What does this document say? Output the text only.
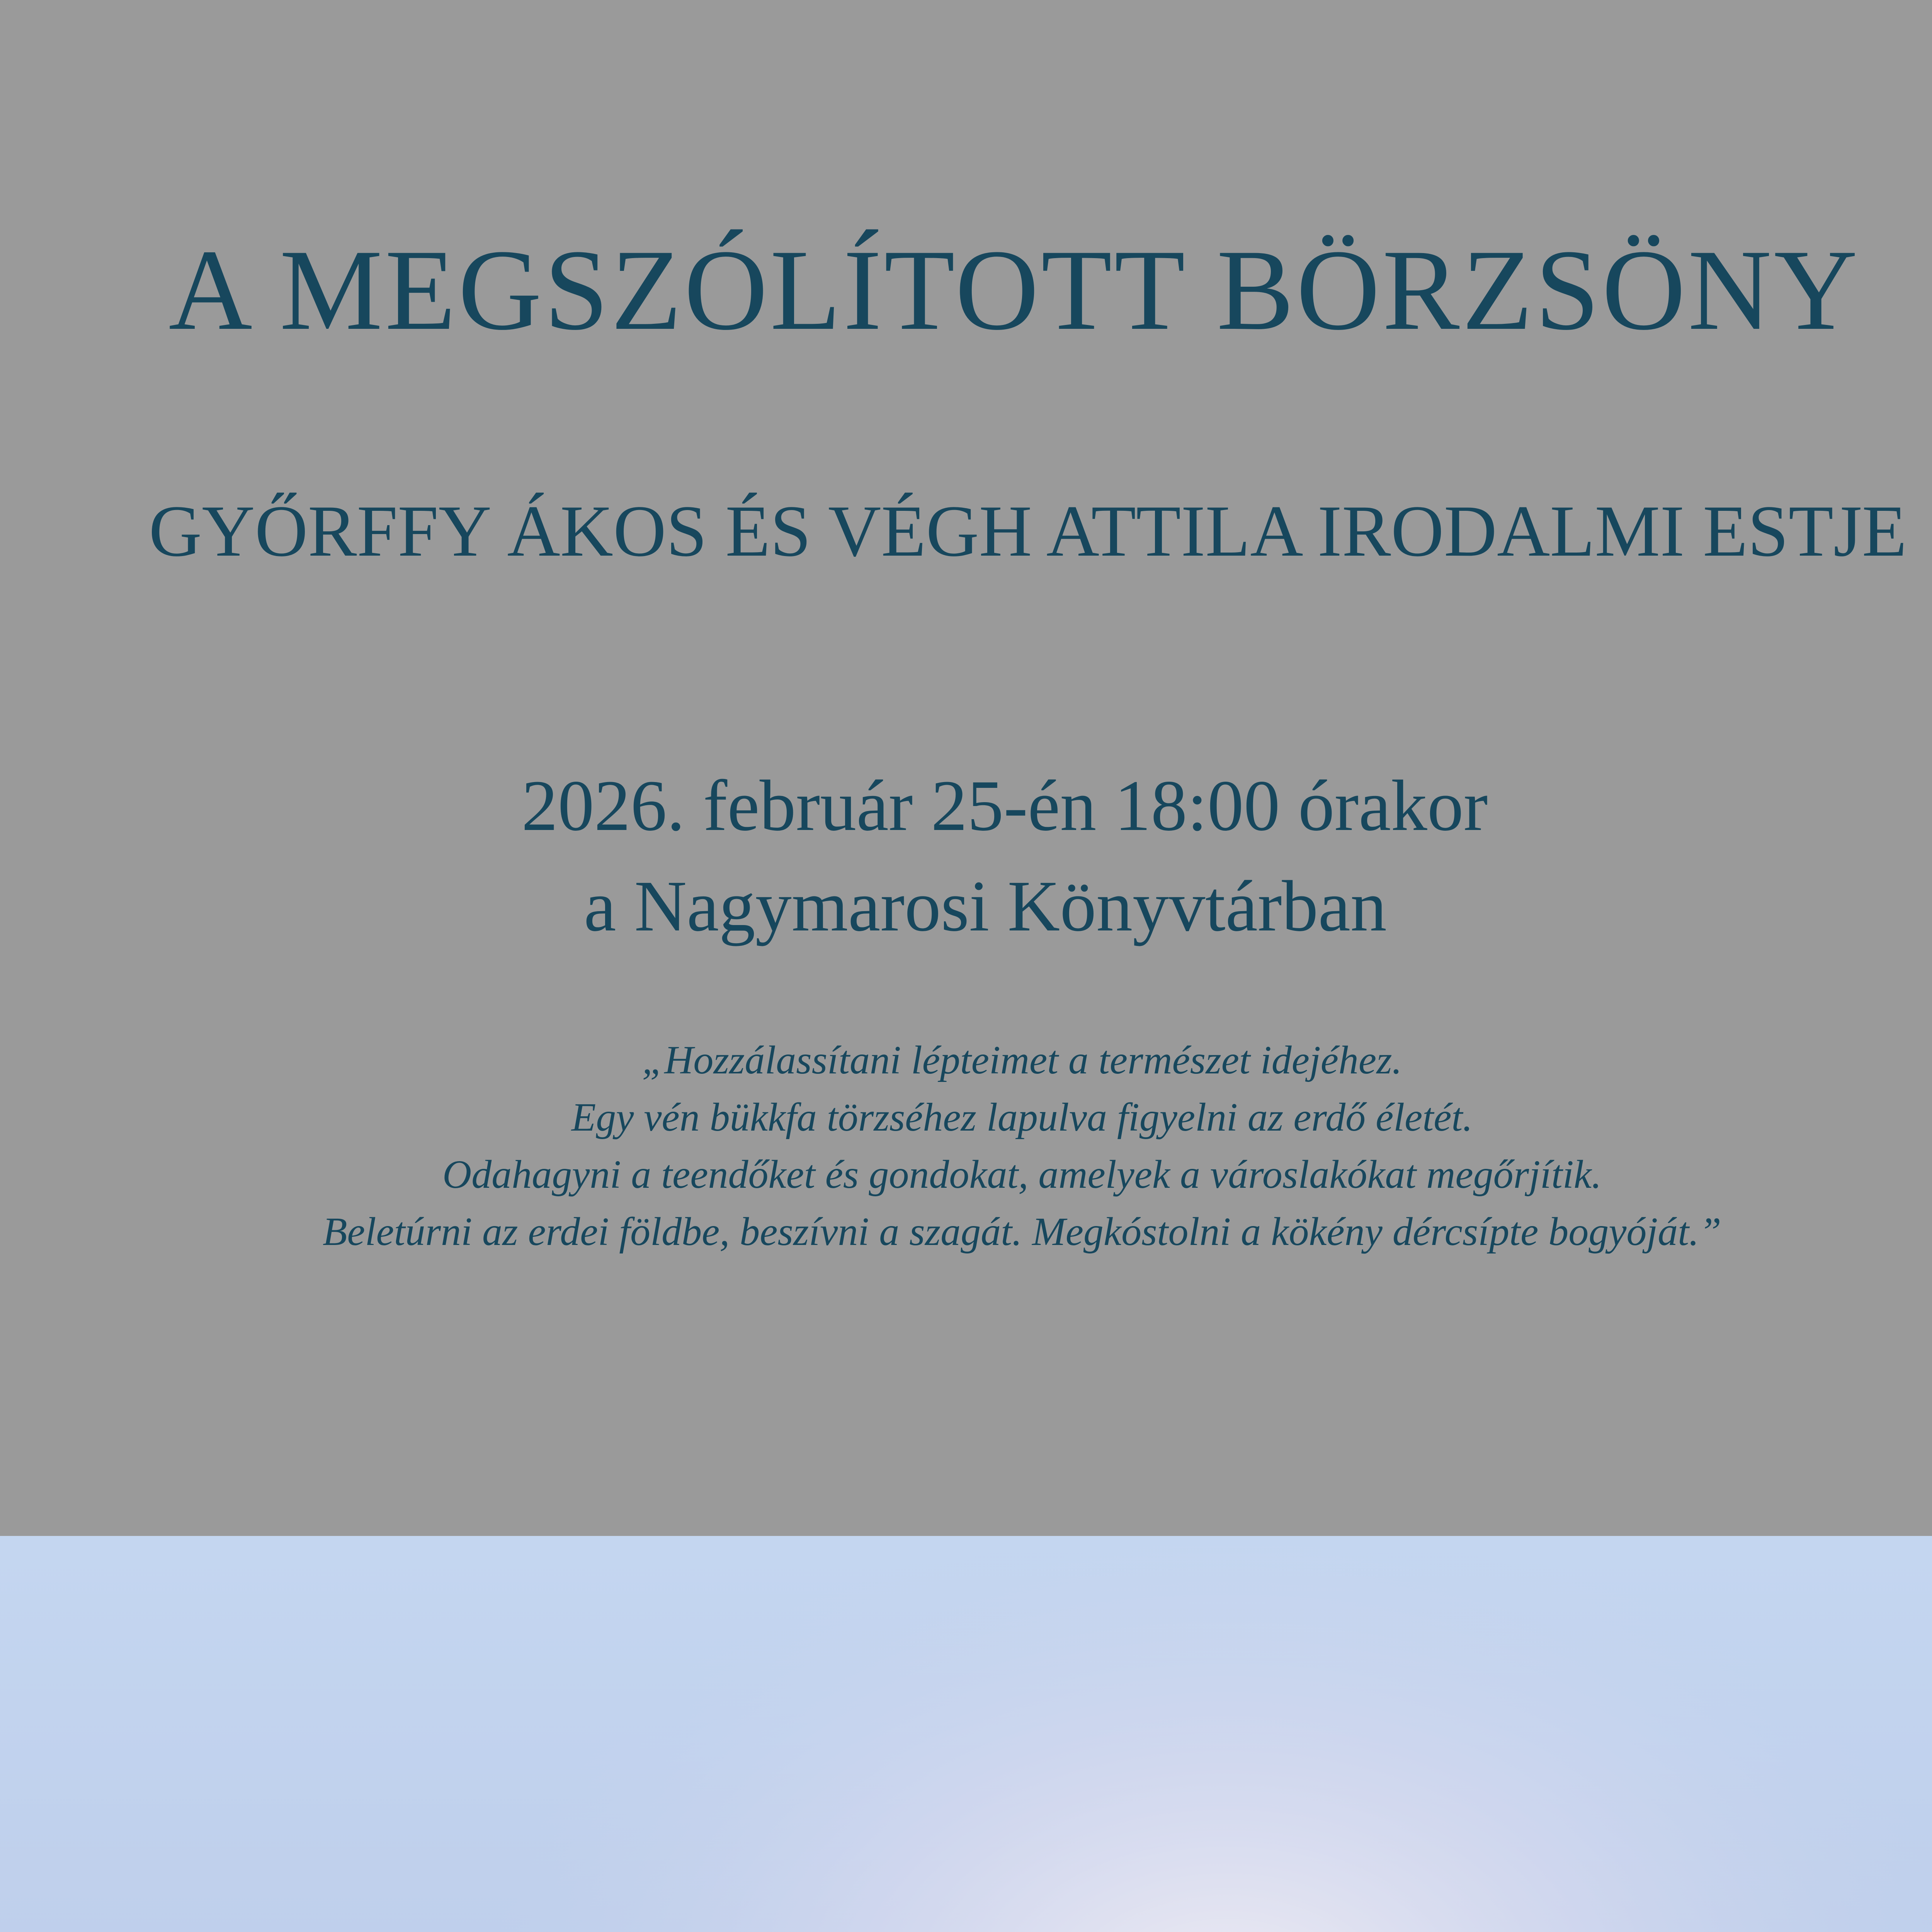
A MEGSZÓLÍTOTT BÖRZSÖNY
GYŐRFFY ÁKOS ÉS VÉGH ATTILA IRODALMI ESTJE

2026. február 25-én 18:00 órakor

a Nagymarosi Könyvtárban

„Hozzálassítani lépteimet a természet idejéhez.
Egy vén bükkfa törzséhez lapulva figyelni az erdő életét.
Odahagyni a teendőket és gondokat, amelyek a városlakókat megőrjítik.
Beletúrni az erdei földbe, beszívni a szagát. Megkóstolni a kökény dércsípte bogyóját.”
